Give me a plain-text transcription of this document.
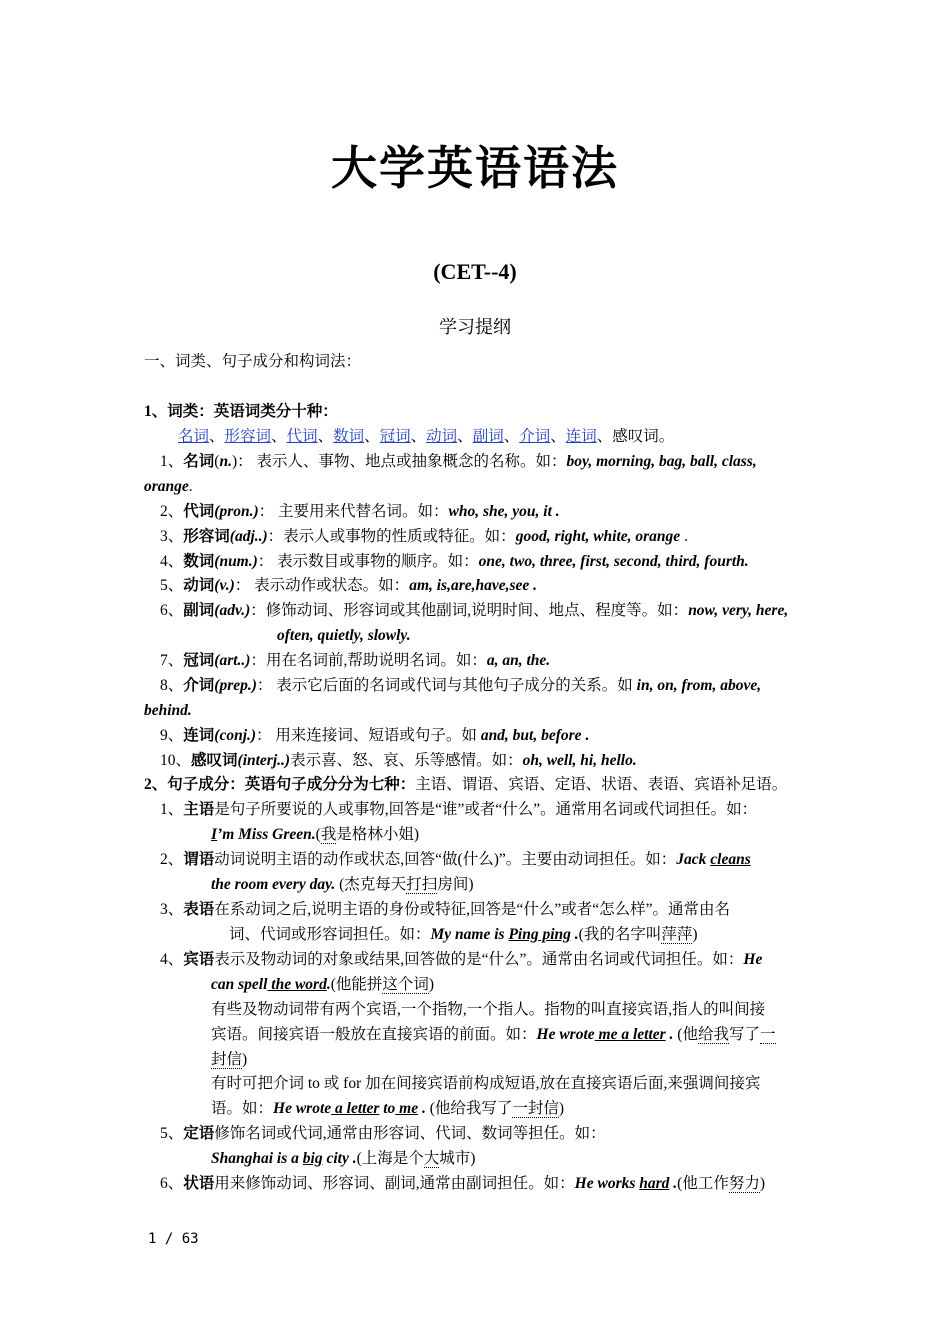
大学英语语法
(CET--4)
学习提纲
一、词类、句子成分和构词法：
1、词类：英语词类分十种：
名词、形容词、代词、数词、冠词、动词、副词、介词、连词、感叹词。
1、名词(n.)： 表示人、事物、地点或抽象概念的名称。如：boy, morning, bag, ball, class,
orange.
2、代词(pron.)： 主要用来代替名词。如：who, she, you, it .
3、形容词(adj..)：表示人或事物的性质或特征。如：good, right, white, orange .
4、数词(num.)： 表示数目或事物的顺序。如：one, two, three, first, second, third, fourth.
5、动词(v.)： 表示动作或状态。如：am, is,are,have,see .
6、副词(adv.)：修饰动词、形容词或其他副词,说明时间、地点、程度等。如：now, very, here,
often, quietly, slowly.
7、冠词(art..)：用在名词前,帮助说明名词。如：a, an, the.
8、介词(prep.)： 表示它后面的名词或代词与其他句子成分的关系。如 in, on, from, above,
behind.
9、连词(conj.)： 用来连接词、短语或句子。如 and, but, before .
10、感叹词(interj..)表示喜、怒、哀、乐等感情。如：oh, well, hi, hello.
2、句子成分：英语句子成分分为七种：主语、谓语、宾语、定语、状语、表语、宾语补足语。
1、主语是句子所要说的人或事物,回答是“谁”或者“什么”。通常用名词或代词担任。如：
I’m Miss Green.(我是格林小姐)
2、谓语动词说明主语的动作或状态,回答“做(什么)”。主要由动词担任。如：Jack cleans
the room every day. (杰克每天打扫房间)
3、表语在系动词之后,说明主语的身份或特征,回答是“什么”或者“怎么样”。通常由名
词、代词或形容词担任。如：My name is Ping ping .(我的名字叫萍萍)
4、宾语表示及物动词的对象或结果,回答做的是“什么”。通常由名词或代词担任。如：He
can spell the word.(他能拼这个词)
有些及物动词带有两个宾语,一个指物,一个指人。指物的叫直接宾语,指人的叫间接
宾语。间接宾语一般放在直接宾语的前面。如：He wrote me a letter . (他给我写了一
封信)
有时可把介词 to 或 for 加在间接宾语前构成短语,放在直接宾语后面,来强调间接宾
语。如：He wrote a letter to me . (他给我写了一封信)
5、定语修饰名词或代词,通常由形容词、代词、数词等担任。如：
Shanghai is a big city .(上海是个大城市)
6、状语用来修饰动词、形容词、副词,通常由副词担任。如：He works hard .(他工作努力)
1 / 63
